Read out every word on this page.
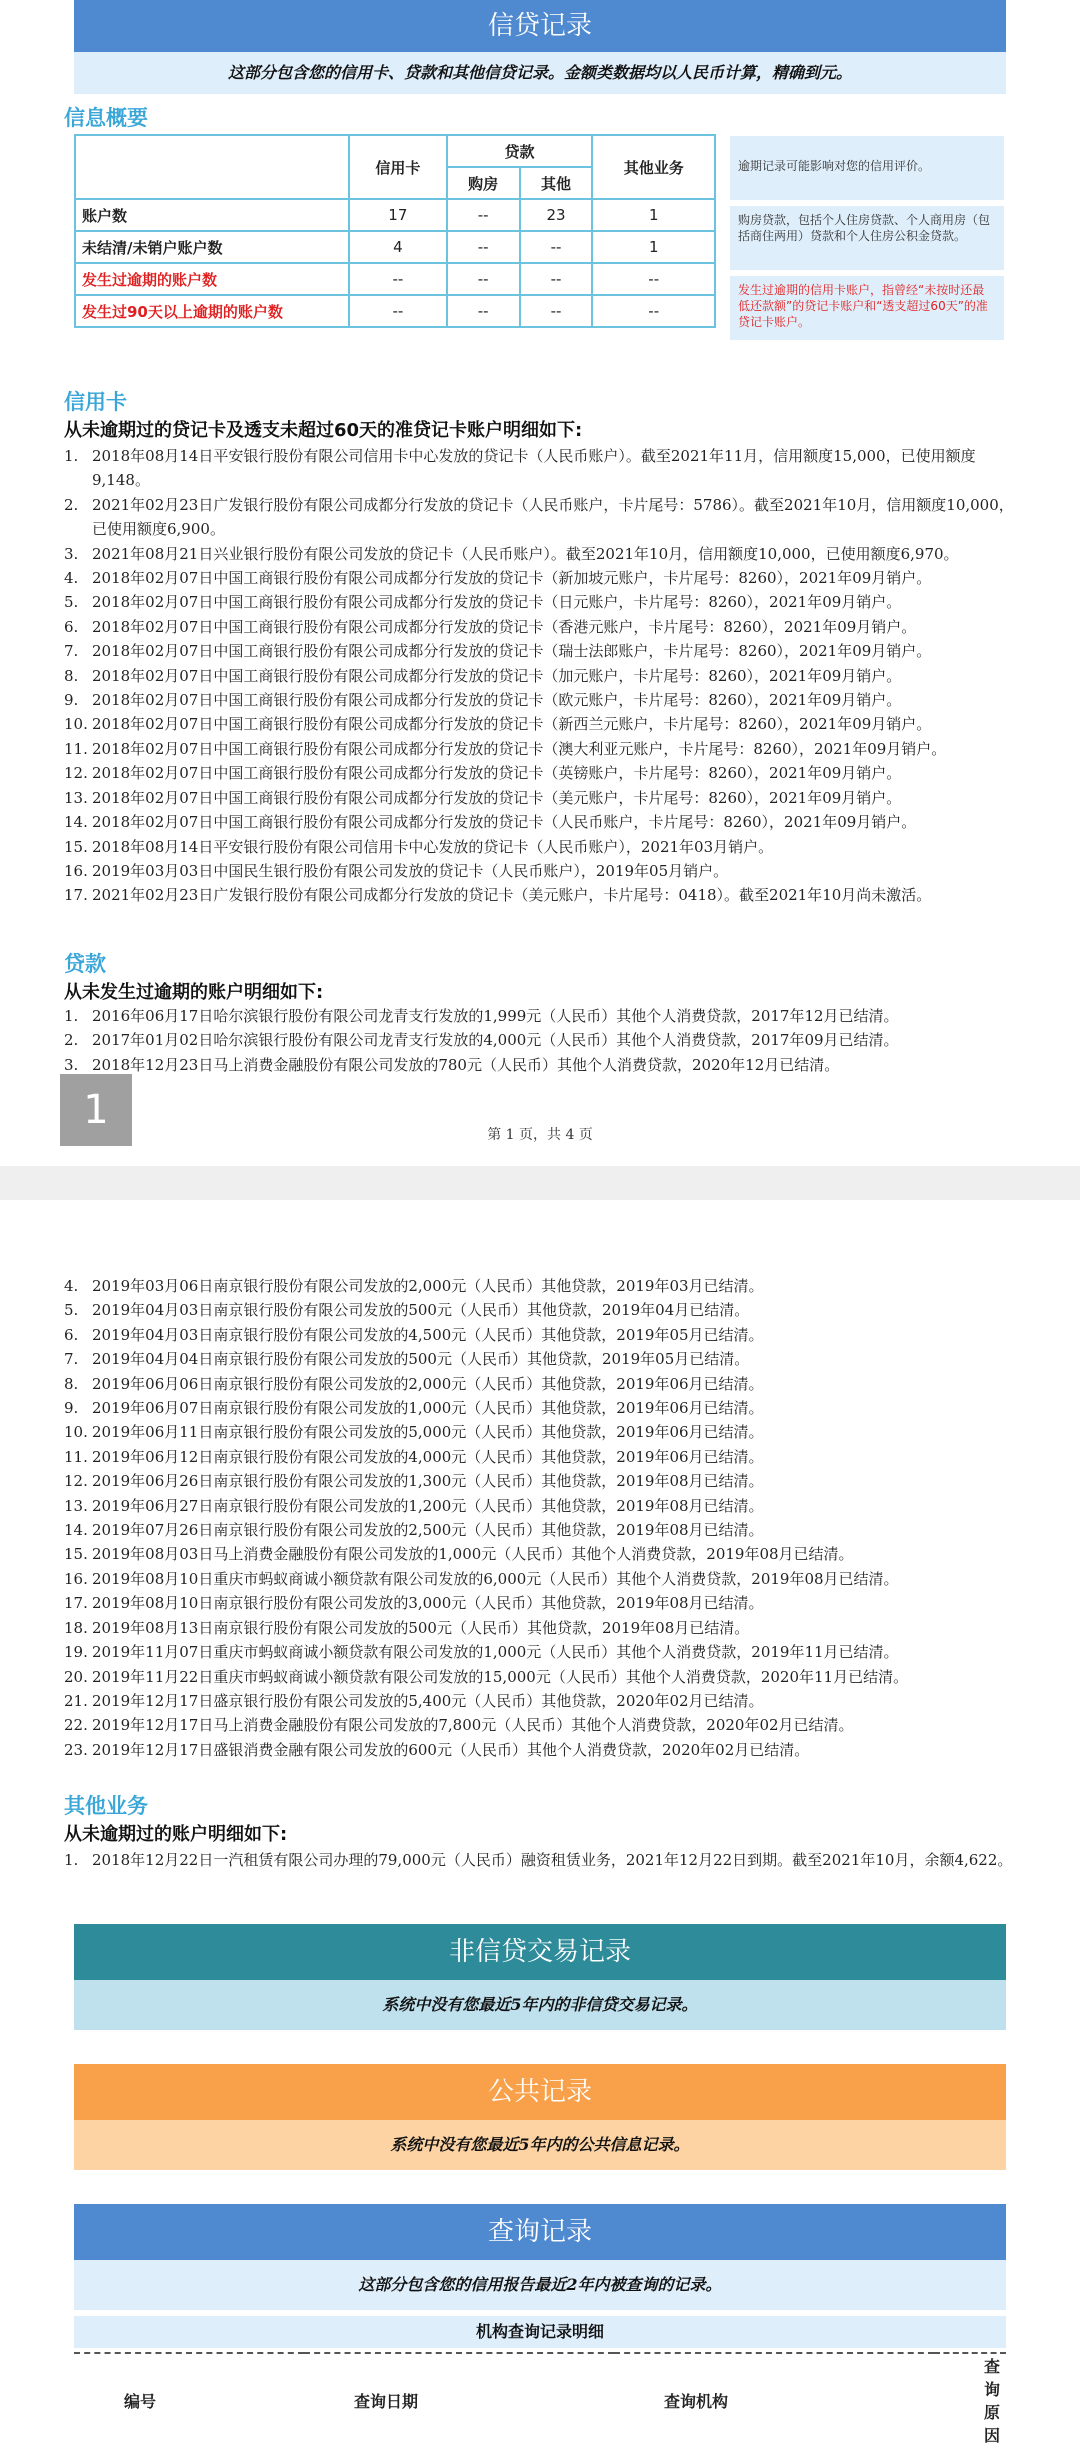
信贷记录
这部分包含您的信用卡、贷款和其他信贷记录。金额类数据均以人民币计算，精确到元。
信息概要
	信用卡	贷款		其他业务
		购房	其他	
账户数	17	--	23	1
未结清/未销户账户数	4	--	--	1
发生过逾期的账户数	--	--	--	--
发生过90天以上逾期的账户数	--	--	--	--
逾期记录可能影响对您的信用评价。
购房贷款，包括个人住房贷款、个人商用房（包括商住两用）贷款和个人住房公积金贷款。
发生过逾期的信用卡账户，指曾经“未按时还最低还款额”的贷记卡账户和“透支超过60天”的准贷记卡账户。
信用卡
从未逾期过的贷记卡及透支未超过60天的准贷记卡账户明细如下:
1. 2018年08月14日平安银行股份有限公司信用卡中心发放的贷记卡（人民币账户）。截至2021年11月，信用额度15,000，已使用额度9,148。
2. 2021年02月23日广发银行股份有限公司成都分行发放的贷记卡（人民币账户，卡片尾号：5786）。截至2021年10月，信用额度10,000，已使用额度6,900。
3. 2021年08月21日兴业银行股份有限公司发放的贷记卡（人民币账户）。截至2021年10月，信用额度10,000，已使用额度6,970。
4. 2018年02月07日中国工商银行股份有限公司成都分行发放的贷记卡（新加坡元账户，卡片尾号：8260），2021年09月销户。
5. 2018年02月07日中国工商银行股份有限公司成都分行发放的贷记卡（日元账户，卡片尾号：8260），2021年09月销户。
6. 2018年02月07日中国工商银行股份有限公司成都分行发放的贷记卡（香港元账户，卡片尾号：8260），2021年09月销户。
7. 2018年02月07日中国工商银行股份有限公司成都分行发放的贷记卡（瑞士法郎账户，卡片尾号：8260），2021年09月销户。
8. 2018年02月07日中国工商银行股份有限公司成都分行发放的贷记卡（加元账户，卡片尾号：8260），2021年09月销户。
9. 2018年02月07日中国工商银行股份有限公司成都分行发放的贷记卡（欧元账户，卡片尾号：8260），2021年09月销户。
10. 2018年02月07日中国工商银行股份有限公司成都分行发放的贷记卡（新西兰元账户，卡片尾号：8260），2021年09月销户。
11. 2018年02月07日中国工商银行股份有限公司成都分行发放的贷记卡（澳大利亚元账户，卡片尾号：8260），2021年09月销户。
12. 2018年02月07日中国工商银行股份有限公司成都分行发放的贷记卡（英镑账户，卡片尾号：8260），2021年09月销户。
13. 2018年02月07日中国工商银行股份有限公司成都分行发放的贷记卡（美元账户，卡片尾号：8260），2021年09月销户。
14. 2018年02月07日中国工商银行股份有限公司成都分行发放的贷记卡（人民币账户，卡片尾号：8260），2021年09月销户。
15. 2018年08月14日平安银行股份有限公司信用卡中心发放的贷记卡（人民币账户），2021年03月销户。
16. 2019年03月03日中国民生银行股份有限公司发放的贷记卡（人民币账户），2019年05月销户。
17. 2021年02月23日广发银行股份有限公司成都分行发放的贷记卡（美元账户，卡片尾号：0418）。截至2021年10月尚未激活。
贷款
从未发生过逾期的账户明细如下:
1. 2016年06月17日哈尔滨银行股份有限公司龙青支行发放的1,999元（人民币）其他个人消费贷款，2017年12月已结清。
2. 2017年01月02日哈尔滨银行股份有限公司龙青支行发放的4,000元（人民币）其他个人消费贷款，2017年09月已结清。
3. 2018年12月23日马上消费金融股份有限公司发放的780元（人民币）其他个人消费贷款，2020年12月已结清。
1
第 1 页，共 4 页
4. 2019年03月06日南京银行股份有限公司发放的2,000元（人民币）其他贷款，2019年03月已结清。
5. 2019年04月03日南京银行股份有限公司发放的500元（人民币）其他贷款，2019年04月已结清。
6. 2019年04月03日南京银行股份有限公司发放的4,500元（人民币）其他贷款，2019年05月已结清。
7. 2019年04月04日南京银行股份有限公司发放的500元（人民币）其他贷款，2019年05月已结清。
8. 2019年06月06日南京银行股份有限公司发放的2,000元（人民币）其他贷款，2019年06月已结清。
9. 2019年06月07日南京银行股份有限公司发放的1,000元（人民币）其他贷款，2019年06月已结清。
10. 2019年06月11日南京银行股份有限公司发放的5,000元（人民币）其他贷款，2019年06月已结清。
11. 2019年06月12日南京银行股份有限公司发放的4,000元（人民币）其他贷款，2019年06月已结清。
12. 2019年06月26日南京银行股份有限公司发放的1,300元（人民币）其他贷款，2019年08月已结清。
13. 2019年06月27日南京银行股份有限公司发放的1,200元（人民币）其他贷款，2019年08月已结清。
14. 2019年07月26日南京银行股份有限公司发放的2,500元（人民币）其他贷款，2019年08月已结清。
15. 2019年08月03日马上消费金融股份有限公司发放的1,000元（人民币）其他个人消费贷款，2019年08月已结清。
16. 2019年08月10日重庆市蚂蚁商诚小额贷款有限公司发放的6,000元（人民币）其他个人消费贷款，2019年08月已结清。
17. 2019年08月10日南京银行股份有限公司发放的3,000元（人民币）其他贷款，2019年08月已结清。
18. 2019年08月13日南京银行股份有限公司发放的500元（人民币）其他贷款，2019年08月已结清。
19. 2019年11月07日重庆市蚂蚁商诚小额贷款有限公司发放的1,000元（人民币）其他个人消费贷款，2019年11月已结清。
20. 2019年11月22日重庆市蚂蚁商诚小额贷款有限公司发放的15,000元（人民币）其他个人消费贷款，2020年11月已结清。
21. 2019年12月17日盛京银行股份有限公司发放的5,400元（人民币）其他贷款，2020年02月已结清。
22. 2019年12月17日马上消费金融股份有限公司发放的7,800元（人民币）其他个人消费贷款，2020年02月已结清。
23. 2019年12月17日盛银消费金融有限公司发放的600元（人民币）其他个人消费贷款，2020年02月已结清。
其他业务
从未逾期过的账户明细如下:
1. 2018年12月22日一汽租赁有限公司办理的79,000元（人民币）融资租赁业务，2021年12月22日到期。截至2021年10月，余额4,622。
非信贷交易记录
系统中没有您最近5年内的非信贷交易记录。
公共记录
系统中没有您最近5年内的公共信息记录。
查询记录
这部分包含您的信用报告最近2年内被查询的记录。
机构查询记录明细
编号	查询日期	查询机构	查询原因
